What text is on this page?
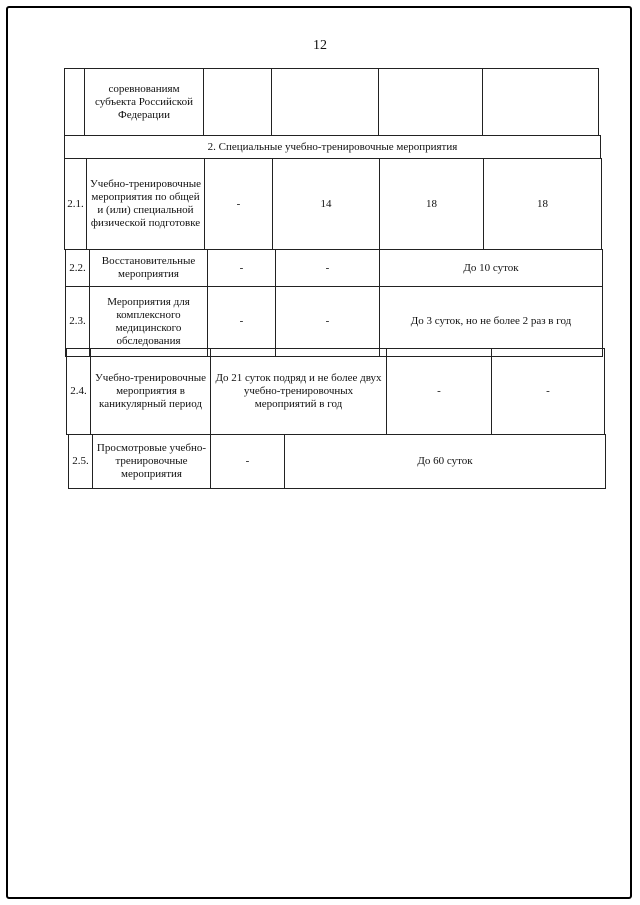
12
	соревнованиям субъекта Российской Федерации				
2. Специальные учебно-тренировочные мероприятия
2.1.	Учебно-тренировочные мероприятия по общей и (или) специальной физической подготовке	-	14	18	18
2.2.	Восстановительные мероприятия	-	-	До 10 суток
2.3.	Мероприятия для комплексного медицинского обследования	-	-	До 3 суток, но не более 2 раз в год
2.4.	Учебно-тренировочные мероприятия в каникулярный период	До 21 суток подряд и не более двух учебно-тренировочных мероприятий в год	-	-
2.5.	Просмотровые учебно-тренировочные мероприятия	-	До 60 суток
